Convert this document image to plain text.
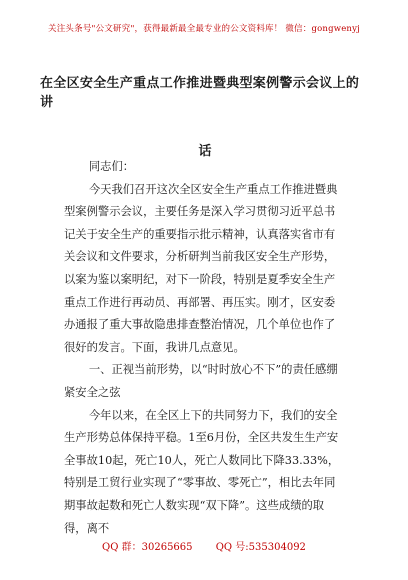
关注头条号"公文研究"，获得最新最全最专业的公文资料库！ 微信：gongwenyj
在全区安全生产重点工作推进暨典型案例警示会议上的讲
话

同志们：

今天我们召开这次全区安全生产重点工作推进暨典型案例警示会议，主要任务是深入学习贯彻习近平总书记关于安全生产的重要指示批示精神，认真落实省市有关会议和文件要求，分析研判当前我区安全生产形势，以案为鉴以案明纪，对下一阶段，特别是夏季安全生产重点工作进行再动员、再部署、再压实。刚才，区安委办通报了重大事故隐患排查整治情况，几个单位也作了很好的发言。下面，我讲几点意见。

一、正视当前形势，以“时时放心不下”的责任感绷紧安全之弦

今年以来，在全区上下的共同努力下，我们的安全生产形势总体保持平稳。1至6月份，全区共发生生产安全事故10起，死亡10人，死亡人数同比下降33.33%，特别是工贸行业实现了“零事故、零死亡”，相比去年同期事故起数和死亡人数实现“双下降”。这些成绩的取得，离不

QQ 群：30265665 QQ 号:535304092
